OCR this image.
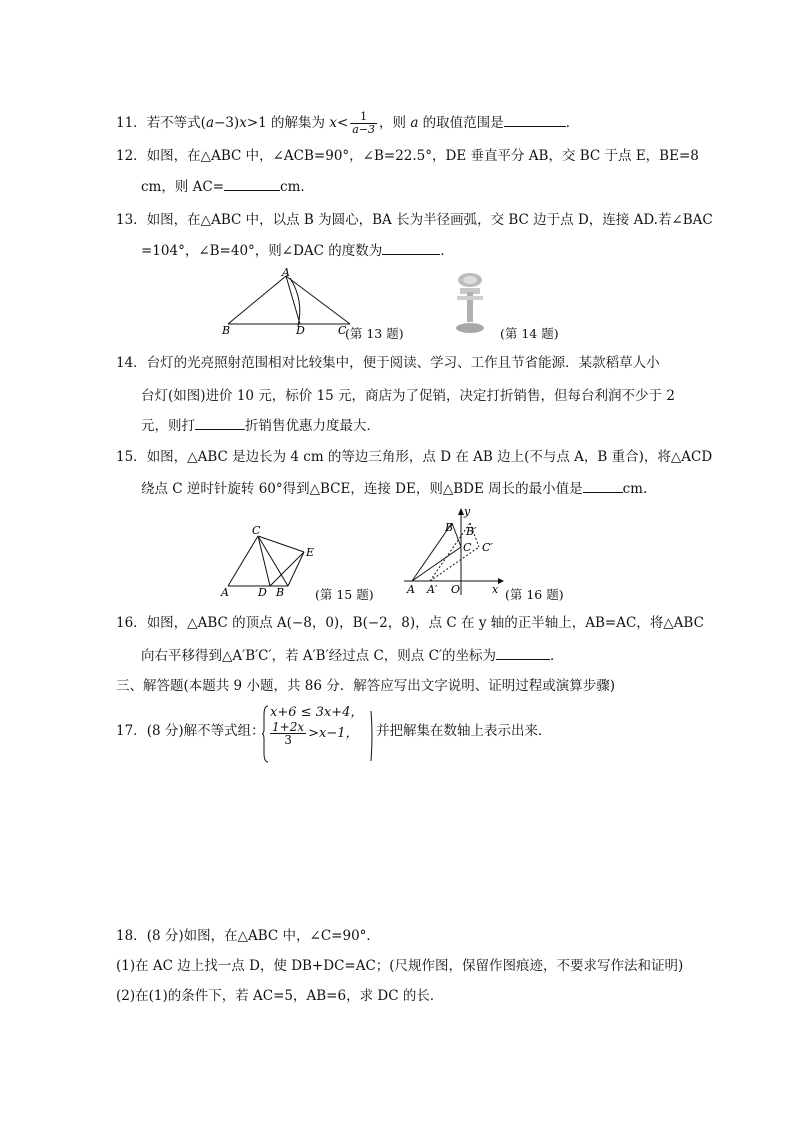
11．若不等式(a−3)x>1 的解集为 $x< \frac{1}{a-3}$ ，则 a 的取值范围是	．
12．如图，在△ABC 中，∠ACB=90°，∠B=22.5°，DE 垂直平分 AB，交 BC 于点 E，BE=8
cm，则 AC=	cm.
13．如图，在△ABC 中，以点 B 为圆心，BA 长为半径画弧，交 BC 边于点 D，连接 AD.若∠BAC
=104°，∠B=40°，则∠DAC 的度数为	．
A
B	D	C
(第 13 题)	(第 14 题)
14．台灯的光亮照射范围相对比较集中，便于阅读、学习、工作且节省能源．某款稻草人小
台灯(如图)进价 10 元，标价 15 元，商店为了促销，决定打折销售，但每台利润不少于 2
元，则打	折销售优惠力度最大．
15．如图，△ABC 是边长为 4 cm 的等边三角形，点 D 在 AB 边上(不与点 A，B 重合)，将△ACD
绕点 C 逆时针旋转 60°得到△BCE，连接 DE，则△BDE 周长的最小值是	cm.
C
E
A	D B (第 15 题)
y
x
B B′
C C′
A A′ O	(第 16 题)
16．如图，△ABC 的顶点 A(−8，0)，B(−2，8)，点 C 在 y 轴的正半轴上，AB=AC，将△ABC
向右平移得到△A′B′C′，若 A′B′经过点 C，则点 C′的坐标为	．
三、解答题(本题共 9 小题，共 86 分．解答应写出文字说明、证明过程或演算步骤)
17．(8 分)解不等式组：
x+6 ≤ 3x+4，
$\frac{1+2x}{3} >x-1$， 并把解集在数轴上表示出来．
18．(8 分)如图，在△ABC 中，∠C=90°．
(1)在 AC 边上找一点 D，使 DB+DC=AC；(尺规作图，保留作图痕迹，不要求写作法和证明)
(2)在(1)的条件下，若 AC=5，AB=6，求 DC 的长．
